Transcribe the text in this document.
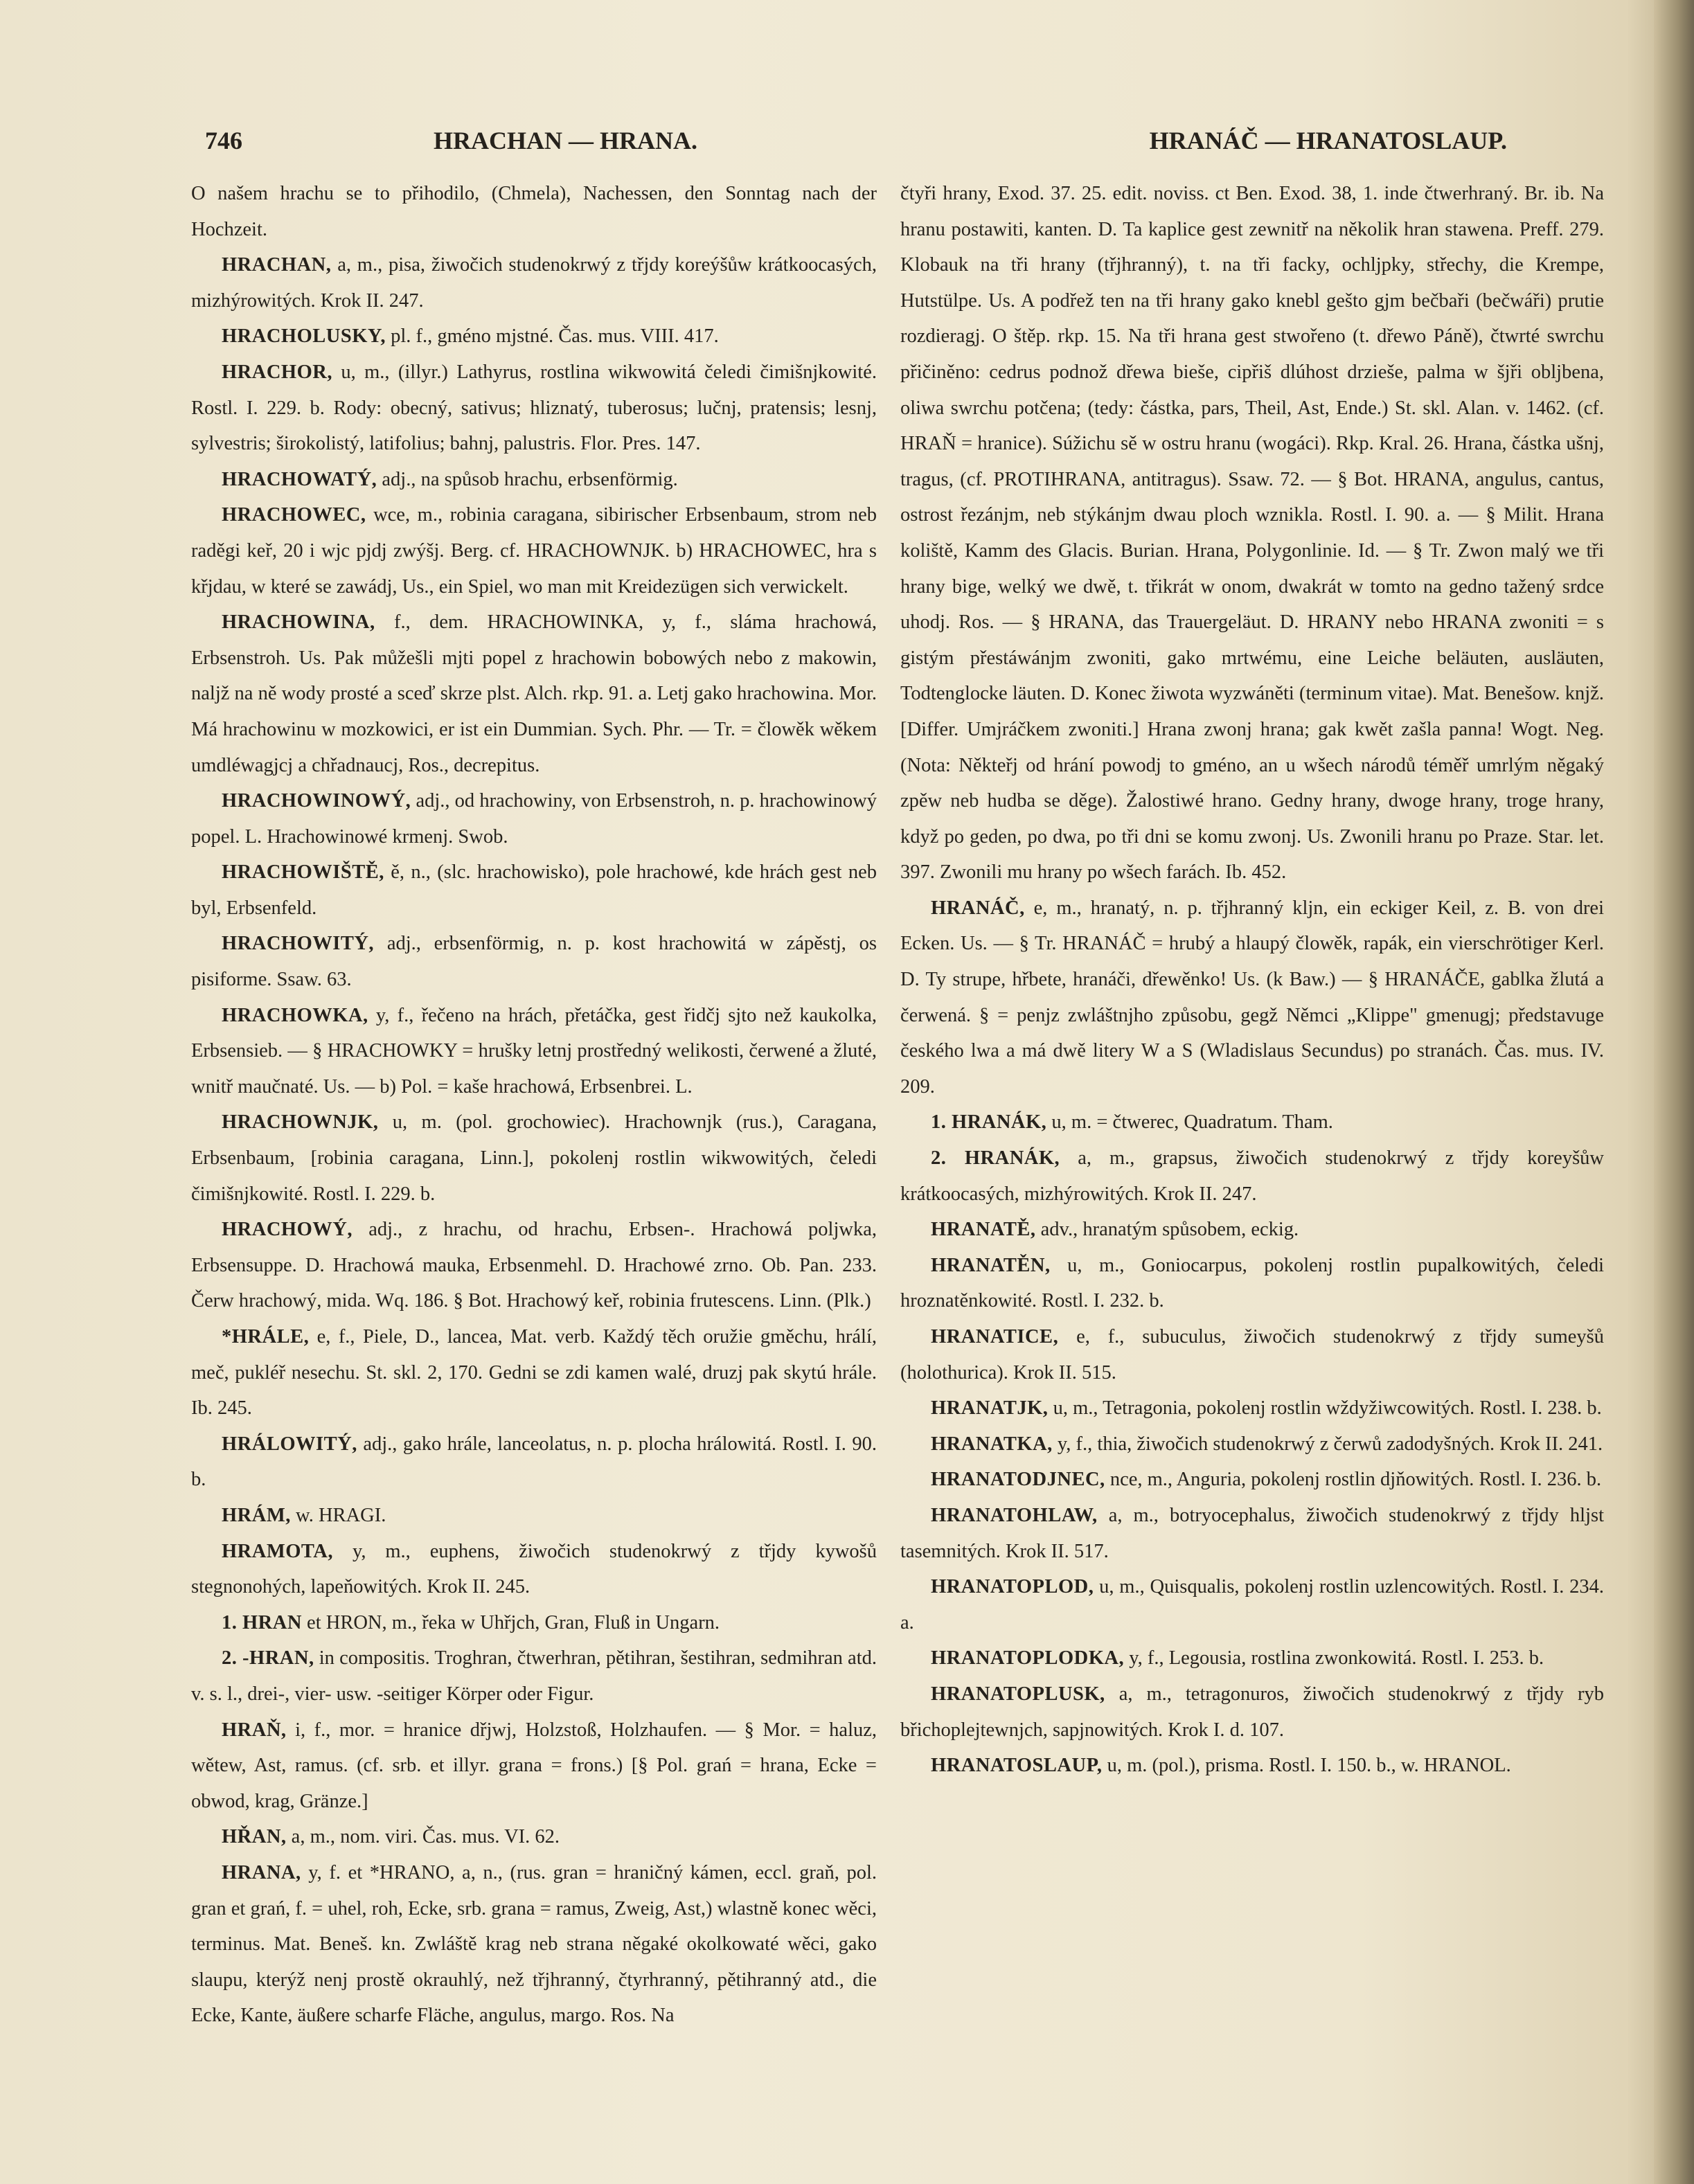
746	HRACHAN — HRANA.	HRANÁČ — HRANATOSLAUP.

O našem hrachu se to přihodilo, (Chmela), Nachessen, den Sonntag nach der Hochzeit.

HRACHAN, a, m., pisa, žiwočich studenokrwý z třjdy koreýšůw krátkoocasých, mizhýrowitých. Krok II. 247.

HRACHOLUSKY, pl. f., gméno mjstné. Čas. mus. VIII. 417.

HRACHOR, u, m., (illyr.) Lathyrus, rostlina wikwowitá čeledi čimišnjkowité. Rostl. I. 229. b. Rody: obecný, sativus; hliznatý, tuberosus; lučnj, pratensis; lesnj, sylvestris; širokolistý, latifolius; bahnj, palustris. Flor. Pres. 147.

HRACHOWATÝ, adj., na spůsob hrachu, erbsenförmig.

HRACHOWEC, wce, m., robinia caragana, sibirischer Erbsenbaum, strom neb raděgi keř, 20 i wjc pjdj zwýšj. Berg. cf. HRACHOWNJK. b) HRACHOWEC, hra s křjdau, w které se zawádj, Us., ein Spiel, wo man mit Kreidezügen sich verwickelt.

HRACHOWINA, f., dem. HRACHOWINKA, y, f., sláma hrachowá, Erbsenstroh. Us. Pak můžešli mjti popel z hrachowin bobowých nebo z makowin, naljž na ně wody prosté a sceď skrze plst. Alch. rkp. 91. a. Letj gako hrachowina. Mor. Má hrachowinu w mozkowici, er ist ein Dummian. Sych. Phr. — Tr. = člowěk wěkem umdléwagjcj a chřadnaucj, Ros., decrepitus.

HRACHOWINOWÝ, adj., od hrachowiny, von Erbsenstroh, n. p. hrachowinowý popel. L. Hrachowinowé krmenj. Swob.

HRACHOWIŠTĚ, ě, n., (slc. hrachowisko), pole hrachowé, kde hrách gest neb byl, Erbsenfeld.

HRACHOWITÝ, adj., erbsenförmig, n. p. kost hrachowitá w zápěstj, os pisiforme. Ssaw. 63.

HRACHOWKA, y, f., řečeno na hrách, přetáčka, gest řidčj sjto než kaukolka, Erbsensieb. — § HRACHOWKY = hrušky letnj prostředný welikosti, čerwené a žluté, wnitř maučnaté. Us. — b) Pol. = kaše hrachowá, Erbsenbrei. L.

HRACHOWNJK, u, m. (pol. grochowiec). Hrachownjk (rus.), Caragana, Erbsenbaum, [robinia caragana, Linn.], pokolenj rostlin wikwowitých, čeledi čimišnjkowité. Rostl. I. 229. b.

HRACHOWÝ, adj., z hrachu, od hrachu, Erbsen-. Hrachowá poljwka, Erbsensuppe. D. Hrachowá mauka, Erbsenmehl. D. Hrachowé zrno. Ob. Pan. 233. Čerw hrachowý, mida. Wq. 186. § Bot. Hrachowý keř, robinia frutescens. Linn. (Plk.)

*HRÁLE, e, f., Piele, D., lancea, Mat. verb. Každý těch oružie gměchu, hrálí, meč, pukléř nesechu. St. skl. 2, 170. Gedni se zdi kamen walé, druzj pak skytú hrále. Ib. 245.

HRÁLOWITÝ, adj., gako hrále, lanceolatus, n. p. plocha hrálowitá. Rostl. I. 90. b.

HRÁM, w. HRAGI.

HRAMOTA, y, m., euphens, žiwočich studenokrwý z třjdy kywošů stegnonohých, lapeňowitých. Krok II. 245.

1. HRAN et HRON, m., řeka w Uhřjch, Gran, Fluß in Ungarn.

2. -HRAN, in compositis. Troghran, čtwerhran, pětihran, šestihran, sedmihran atd. v. s. l., drei-, vier- usw. -seitiger Körper oder Figur.

HRAŇ, i, f., mor. = hranice dřjwj, Holzstoß, Holzhaufen. — § Mor. = haluz, wětew, Ast, ramus. (cf. srb. et illyr. grana = frons.) [§ Pol. grań = hrana, Ecke = obwod, krag, Gränze.]

HŘAN, a, m., nom. viri. Čas. mus. VI. 62.

HRANA, y, f. et *HRANO, a, n., (rus. gran = hraničný kámen, eccl. graň, pol. gran et grań, f. = uhel, roh, Ecke, srb. grana = ramus, Zweig, Ast,) wlastně konec wěci, terminus. Mat. Beneš. kn. Zwláště krag neb strana něgaké okolkowaté wěci, gako slaupu, kterýž nenj prostě okrauhlý, než třjhranný, čtyrhranný, pětihranný atd., die Ecke, Kante, äußere scharfe Fläche, angulus, margo. Ros. Na

čtyři hrany, Exod. 37. 25. edit. noviss. ct Ben. Exod. 38, 1. inde čtwerhraný. Br. ib. Na hranu postawiti, kanten. D. Ta kaplice gest zewnitř na několik hran stawena. Preff. 279. Klobauk na tři hrany (třjhranný), t. na tři facky, ochljpky, střechy, die Krempe, Hutstülpe. Us. A podřež ten na tři hrany gako knebl gešto gjm bečbaři (bečwáři) prutie rozdieragj. O štěp. rkp. 15. Na tři hrana gest stwořeno (t. dřewo Páně), čtwrté swrchu přičiněno: cedrus podnož dřewa bieše, cipřiš dlúhost drzieše, palma w šjři obljbena, oliwa swrchu potčena; (tedy: částka, pars, Theil, Ast, Ende.) St. skl. Alan. v. 1462. (cf. HRAŇ = hranice). Súžichu sě w ostru hranu (wogáci). Rkp. Kral. 26. Hrana, částka ušnj, tragus, (cf. PROTIHRANA, antitragus). Ssaw. 72. — § Bot. HRANA, angulus, cantus, ostrost řezánjm, neb stýkánjm dwau ploch wznikla. Rostl. I. 90. a. — § Milit. Hrana koliště, Kamm des Glacis. Burian. Hrana, Polygonlinie. Id. — § Tr. Zwon malý we tři hrany bige, welký we dwě, t. třikrát w onom, dwakrát w tomto na gedno tažený srdce uhodj. Ros. — § HRANA, das Trauergeläut. D. HRANY nebo HRANA zwoniti = s gistým přestáwánjm zwoniti, gako mrtwému, eine Leiche beläuten, ausläuten, Todtenglocke läuten. D. Konec žiwota wyzwáněti (terminum vitae). Mat. Benešow. knjž. [Differ. Umjráčkem zwoniti.] Hrana zwonj hrana; gak kwět zašla panna! Wogt. Neg. (Nota: Někteřj od hrání powodj to gméno, an u wšech národů téměř umrlým něgaký zpěw neb hudba se děge). Žalostiwé hrano. Gedny hrany, dwoge hrany, troge hrany, když po geden, po dwa, po tři dni se komu zwonj. Us. Zwonili hranu po Praze. Star. let. 397. Zwonili mu hrany po wšech farách. Ib. 452.

HRANÁČ, e, m., hranatý, n. p. třjhranný kljn, ein eckiger Keil, z. B. von drei Ecken. Us. — § Tr. HRANÁČ = hrubý a hlaupý člowěk, rapák, ein vierschrötiger Kerl. D. Ty strupe, hřbete, hranáči, dřewěnko! Us. (k Baw.) — § HRANÁČE, gablka žlutá a čerwená. § = penjz zwláštnjho způsobu, gegž Němci „Klippe" gmenugj; představuge českého lwa a má dwě litery W a S (Wladislaus Secundus) po stranách. Čas. mus. IV. 209.

1. HRANÁK, u, m. = čtwerec, Quadratum. Tham.

2. HRANÁK, a, m., grapsus, žiwočich studenokrwý z třjdy koreyšůw krátkoocasých, mizhýrowitých. Krok II. 247.

HRANATĚ, adv., hranatým spůsobem, eckig.

HRANATĚN, u, m., Goniocarpus, pokolenj rostlin pupalkowitých, čeledi hroznatěnkowité. Rostl. I. 232. b.

HRANATICE, e, f., subuculus, žiwočich studenokrwý z třjdy sumeyšů (holothurica). Krok II. 515.

HRANATJK, u, m., Tetragonia, pokolenj rostlin wždyžiwcowitých. Rostl. I. 238. b.

HRANATKA, y, f., thia, žiwočich studenokrwý z čerwů zadodyšných. Krok II. 241.

HRANATODJNEC, nce, m., Anguria, pokolenj rostlin djňowitých. Rostl. I. 236. b.

HRANATOHLAW, a, m., botryocephalus, žiwočich studenokrwý z třjdy hljst tasemnitých. Krok II. 517.

HRANATOPLOD, u, m., Quisqualis, pokolenj rostlin uzlencowitých. Rostl. I. 234. a.

HRANATOPLODKA, y, f., Legousia, rostlina zwonkowitá. Rostl. I. 253. b.

HRANATOPLUSK, a, m., tetragonuros, žiwočich studenokrwý z třjdy ryb břichoplejtewnjch, sapjnowitých. Krok I. d. 107.

HRANATOSLAUP, u, m. (pol.), prisma. Rostl. I. 150. b., w. HRANOL.
